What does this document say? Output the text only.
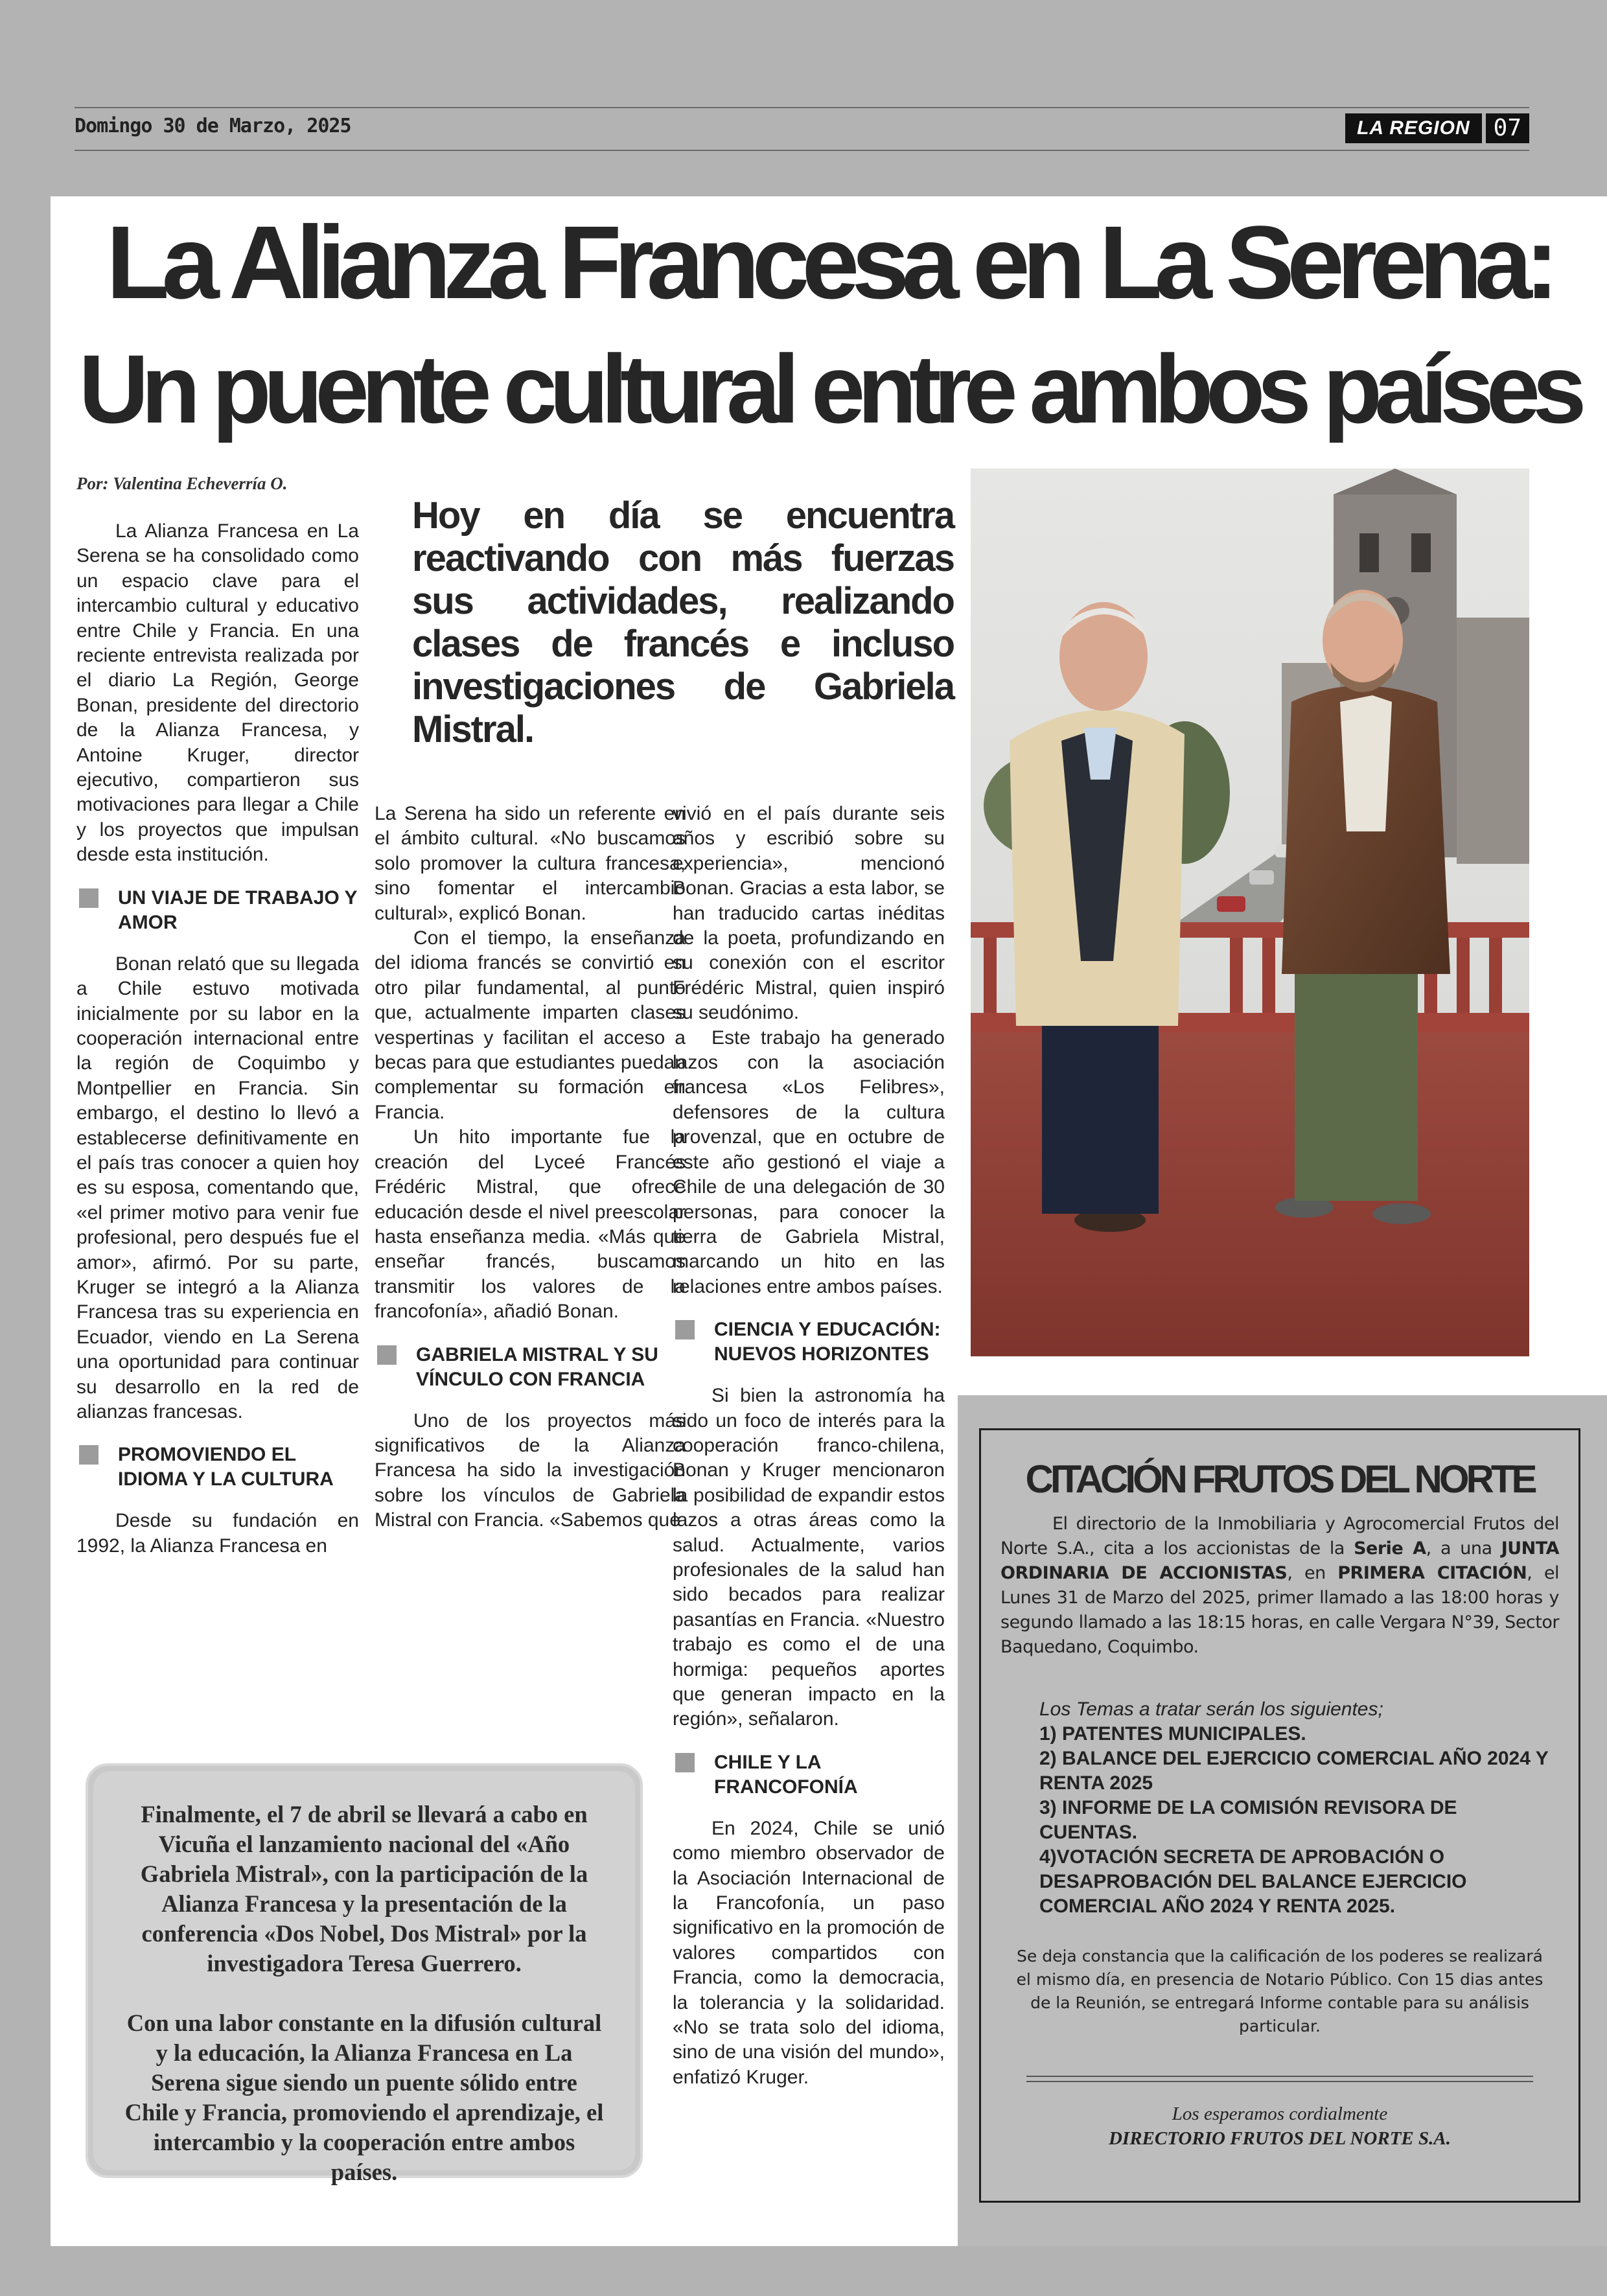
Domingo 30 de Marzo, 2025	LA REGION	07
La Alianza Francesa en La Serena:
Un puente cultural entre ambos países
Por: Valentina Echeverría O.

La Alianza Francesa en La Serena se ha consolidado como un espacio clave para el intercambio cultural y educativo entre Chile y Francia. En una reciente entrevista realizada por el diario La Región, George Bonan, presidente del directorio de la Alianza Francesa, y Antoine Kruger, director ejecutivo, compartieron sus motivaciones para llegar a Chile y los proyectos que impulsan desde esta institución.

UN VIAJE DE TRABAJO Y AMOR

Bonan relató que su llegada a Chile estuvo motivada inicialmente por su labor en la cooperación internacional entre la región de Coquimbo y Montpellier en Francia. Sin embargo, el destino lo llevó a establecerse definitivamente en el país tras conocer a quien hoy es su esposa, comentando que, «el primer motivo para venir fue profesional, pero después fue el amor», afirmó. Por su parte, Kruger se integró a la Alianza Francesa tras su experiencia en Ecuador, viendo en La Serena una oportunidad para continuar su desarrollo en la red de alianzas francesas.

PROMOVIENDO EL IDIOMA Y LA CULTURA

Desde su fundación en 1992, la Alianza Francesa en

Hoy en día se encuentra reactivando con más fuerzas sus actividades, realizando clases de francés e incluso investigaciones de Gabriela Mistral.

La Serena ha sido un referente en el ámbito cultural. «No buscamos solo promover la cultura francesa, sino fomentar el intercambio cultural», explicó Bonan.

Con el tiempo, la enseñanza del idioma francés se convirtió en otro pilar fundamental, al punto que, actualmente imparten clases vespertinas y facilitan el acceso a becas para que estudiantes puedan complementar su formación en Francia.

Un hito importante fue la creación del Lyceé Francés Frédéric Mistral, que ofrece educación desde el nivel preescolar hasta enseñanza media. «Más que enseñar francés, buscamos transmitir los valores de la francofonía», añadió Bonan.

GABRIELA MISTRAL Y SU VÍNCULO CON FRANCIA

Uno de los proyectos más significativos de la Alianza Francesa ha sido la investigación sobre los vínculos de Gabriela Mistral con Francia. «Sabemos que

vivió en el país durante seis años y escribió sobre su experiencia», mencionó Bonan. Gracias a esta labor, se han traducido cartas inéditas de la poeta, profundizando en su conexión con el escritor Frédéric Mistral, quien inspiró su seudónimo.

Este trabajo ha generado lazos con la asociación francesa «Los Felibres», defensores de la cultura provenzal, que en octubre de este año gestionó el viaje a Chile de una delegación de 30 personas, para conocer la tierra de Gabriela Mistral, marcando un hito en las relaciones entre ambos países.

CIENCIA Y EDUCACIÓN: NUEVOS HORIZONTES

Si bien la astronomía ha sido un foco de interés para la cooperación franco-chilena, Bonan y Kruger mencionaron la posibilidad de expandir estos lazos a otras áreas como la salud. Actualmente, varios profesionales de la salud han sido becados para realizar pasantías en Francia. «Nuestro trabajo es como el de una hormiga: pequeños aportes que generan impacto en la región», señalaron.

CHILE Y LA FRANCOFONÍA

En 2024, Chile se unió como miembro observador de la Asociación Internacional de la Francofonía, un paso significativo en la promoción de valores compartidos con Francia, como la democracia, la tolerancia y la solidaridad. «No se trata solo del idioma, sino de una visión del mundo», enfatizó Kruger.

Finalmente, el 7 de abril se llevará a cabo en Vicuña el lanzamiento nacional del «Año Gabriela Mistral», con la participación de la Alianza Francesa y la presentación de la conferencia «Dos Nobel, Dos Mistral» por la investigadora Teresa Guerrero.

Con una labor constante en la difusión cultural y la educación, la Alianza Francesa en La Serena sigue siendo un puente sólido entre Chile y Francia, promoviendo el aprendizaje, el intercambio y la cooperación entre ambos países.

CITACIÓN FRUTOS DEL NORTE

El directorio de la Inmobiliaria y Agrocomercial Frutos del Norte S.A., cita a los accionistas de la Serie A, a una JUNTA ORDINARIA DE ACCIONISTAS, en PRIMERA CITACIÓN, el Lunes 31 de Marzo del 2025, primer llamado a las 18:00 horas y segundo llamado a las 18:15 horas, en calle Vergara N°39, Sector Baquedano, Coquimbo.

Los Temas a tratar serán los siguientes;
1) PATENTES MUNICIPALES.
2) BALANCE DEL EJERCICIO COMERCIAL AÑO 2024 Y RENTA 2025
3) INFORME DE LA COMISIÓN REVISORA DE CUENTAS.
4)VOTACIÓN SECRETA DE APROBACIÓN O DESAPROBACIÓN DEL BALANCE EJERCICIO COMERCIAL AÑO 2024 Y RENTA 2025.

Se deja constancia que la calificación de los poderes se realizará el mismo día, en presencia de Notario Público. Con 15 dias antes de la Reunión, se entregará Informe contable para su análisis particular.

Los esperamos cordialmente
DIRECTORIO FRUTOS DEL NORTE S.A.
